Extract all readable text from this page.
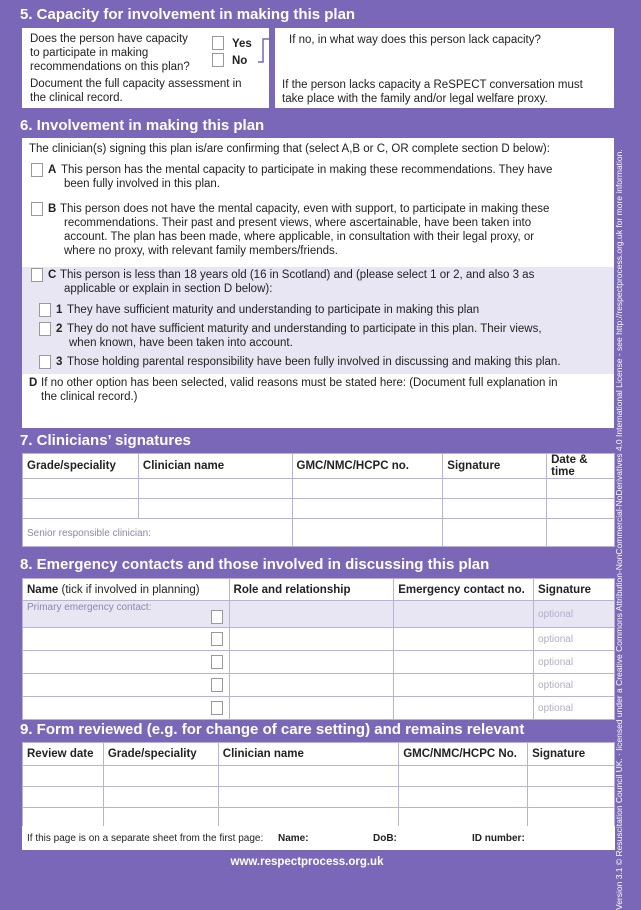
5. Capacity for involvement in making this plan
Does the person have capacity
to participate in making
recommendations on this plan?
Document the full capacity assessment in
the clinical record.
Yes
No
If no, in what way does this person lack capacity?
If the person lacks capacity a ReSPECT conversation must
take place with the family and/or legal welfare proxy.
6. Involvement in making this plan
The clinician(s) signing this plan is/are confirming that (select A,B or C, OR complete section D below):
A This person has the mental capacity to participate in making these recommendations. They have
been fully involved in this plan.
B This person does not have the mental capacity, even with support, to participate in making these
recommendations. Their past and present views, where ascertainable, have been taken into
account. The plan has been made, where applicable, in consultation with their legal proxy, or
where no proxy, with relevant family members/friends.
C This person is less than 18 years old (16 in Scotland) and (please select 1 or 2, and also 3 as
applicable or explain in section D below):
1 They have sufficient maturity and understanding to participate in making this plan
2 They do not have sufficient maturity and understanding to participate in this plan. Their views,
when known, have been taken into account.
3 Those holding parental responsibility have been fully involved in discussing and making this plan.
D If no other option has been selected, valid reasons must be stated here: (Document full explanation in
the clinical record.)
7. Clinicians’ signatures
Grade/speciality	Clinician name	GMC/NMC/HCPC no.	Signature	Date & time

Senior responsible clinician:				
8. Emergency contacts and those involved in discussing this plan
Name (tick if involved in planning)	Role and relationship	Emergency contact no.	Signature
Primary emergency contact:			optional

			optional

			optional

			optional

			optional
9. Form reviewed (e.g. for change of care setting) and remains relevant
Review date	Grade/speciality	Clinician name	GMC/NMC/HCPC No.	Signature

If this page is on a separate sheet from the first page: Name:	DoB:	ID number:
www.respectprocess.org.uk	Version 3.1 © Resuscitation Council UK. · licensed under a Creative Commons Attribution-NonCommercial-NoDerivatives 4.0 International License - see http://respectprocess.org.uk for more information.
